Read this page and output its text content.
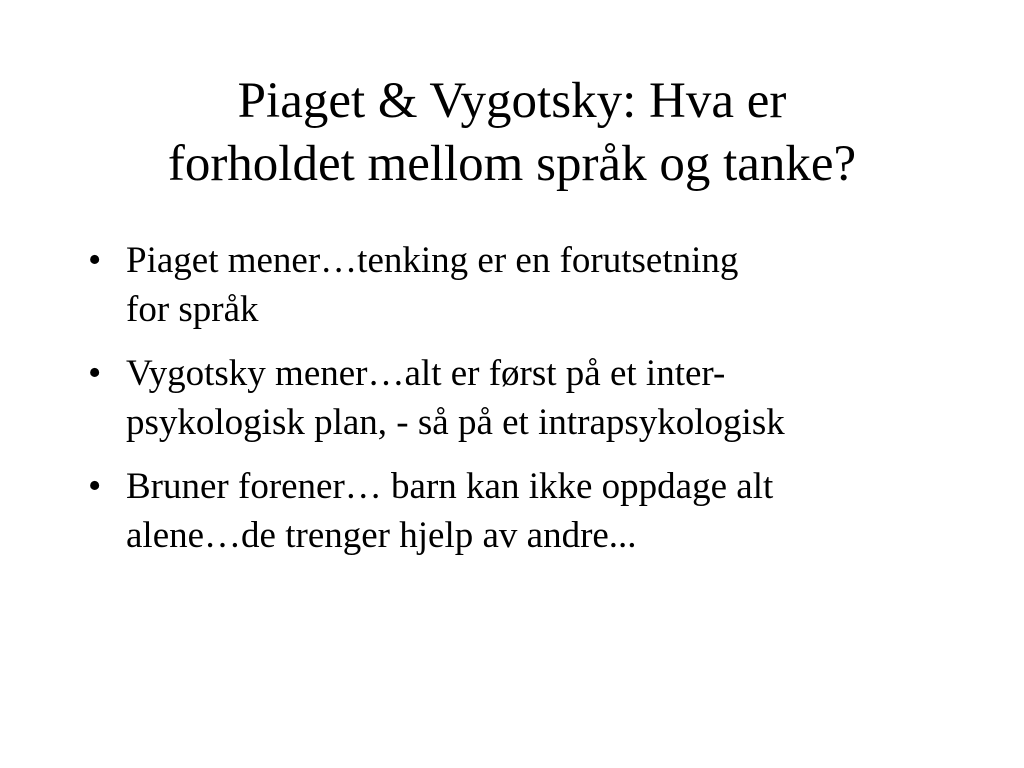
Piaget & Vygotsky: Hva er
forholdet mellom språk og tanke?
• Piaget mener…tenking er en forutsetning
for språk
• Vygotsky mener…alt er først på et inter-
psykologisk plan, - så på et intrapsykologisk
• Bruner forener… barn kan ikke oppdage alt
alene…de trenger hjelp av andre...
